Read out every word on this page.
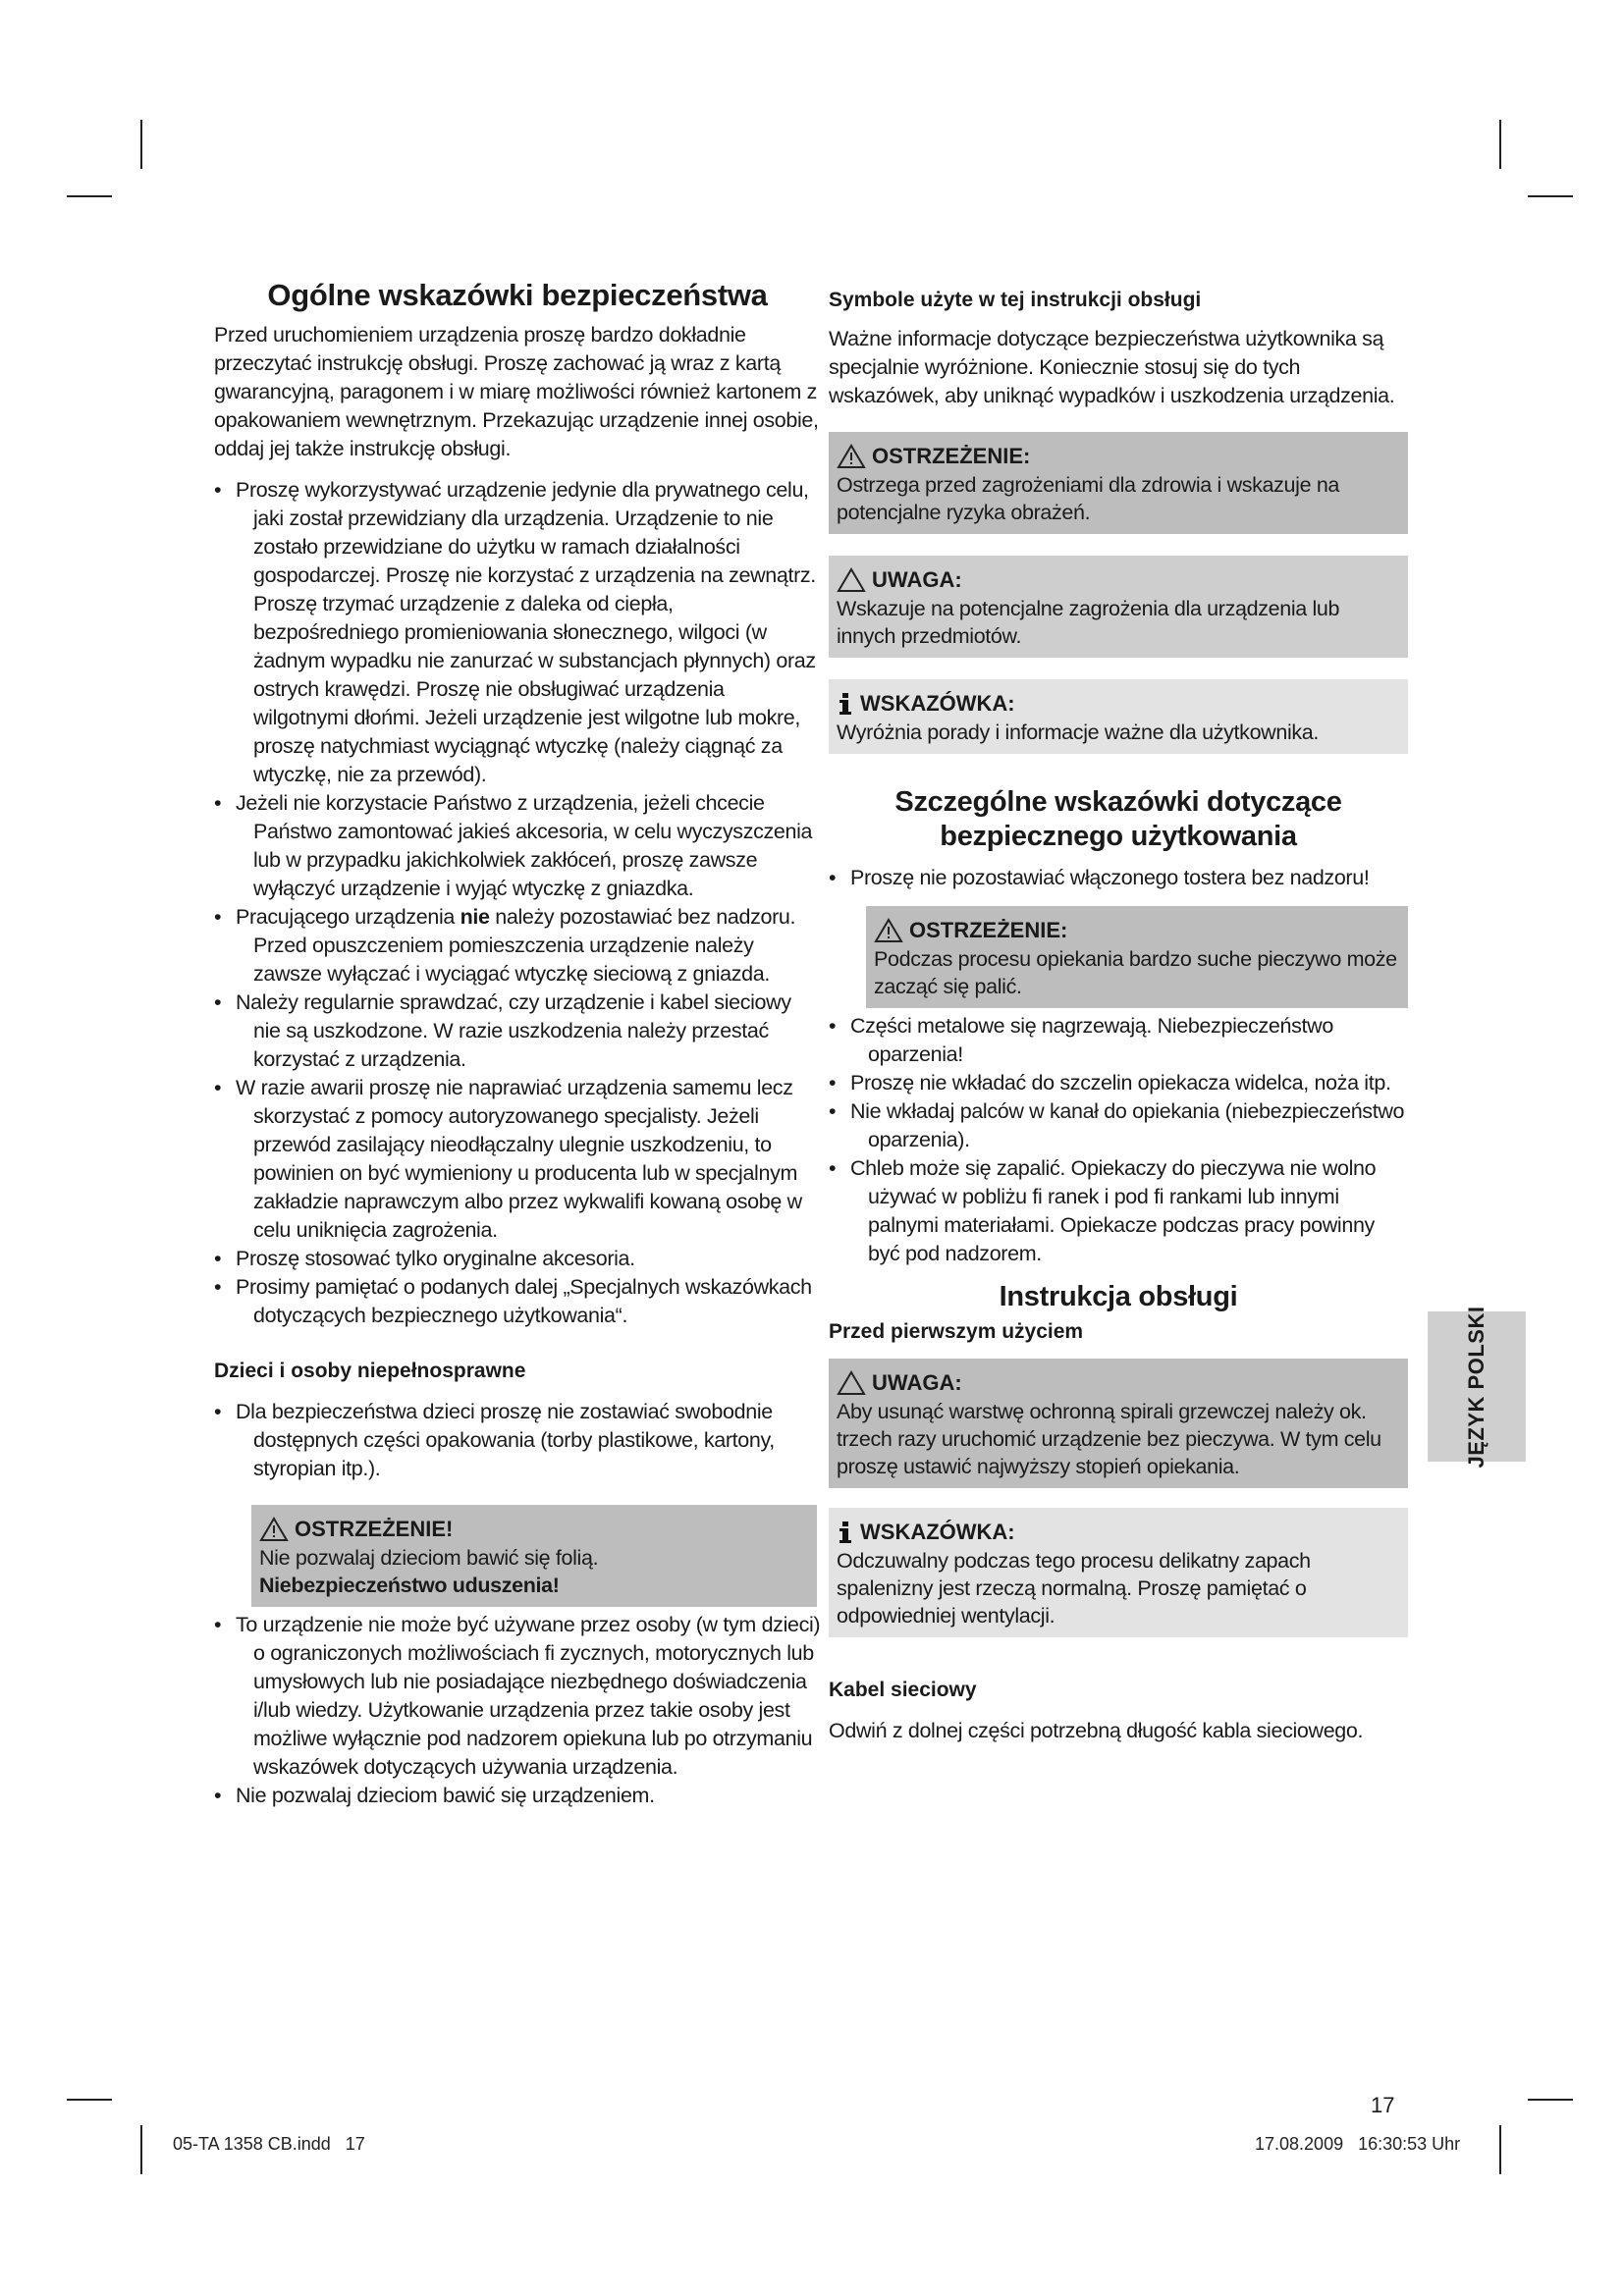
Ogólne wskazówki bezpieczeństwa

Przed uruchomieniem urządzenia proszę bardzo dokładnie przeczytać instrukcję obsługi. Proszę zachować ją wraz z kartą gwarancyjną, paragonem i w miarę możliwości również kartonem z opakowaniem wewnętrznym. Przekazując urządzenie innej osobie, oddaj jej także instrukcję obsługi.

• Proszę wykorzystywać urządzenie jedynie dla prywatnego celu, jaki został przewidziany dla urządzenia. Urządzenie to nie zostało przewidziane do użytku w ramach działalności gospodarczej. Proszę nie korzystać z urządzenia na zewnątrz. Proszę trzymać urządzenie z daleka od ciepła, bezpośredniego promieniowania słonecznego, wilgoci (w żadnym wypadku nie zanurzać w substancjach płynnych) oraz ostrych krawędzi. Proszę nie obsługiwać urządzenia wilgotnymi dłońmi. Jeżeli urządzenie jest wilgotne lub mokre, proszę natychmiast wyciągnąć wtyczkę (należy ciągnąć za wtyczkę, nie za przewód).
• Jeżeli nie korzystacie Państwo z urządzenia, jeżeli chcecie Państwo zamontować jakieś akcesoria, w celu wyczyszczenia lub w przypadku jakichkolwiek zakłóceń, proszę zawsze wyłączyć urządzenie i wyjąć wtyczkę z gniazdka.
• Pracującego urządzenia nie należy pozostawiać bez nadzoru. Przed opuszczeniem pomieszczenia urządzenie należy zawsze wyłączać i wyciągać wtyczkę sieciową z gniazda.
• Należy regularnie sprawdzać, czy urządzenie i kabel sieciowy nie są uszkodzone. W razie uszkodzenia należy przestać korzystać z urządzenia.
• W razie awarii proszę nie naprawiać urządzenia samemu lecz skorzystać z pomocy autoryzowanego specjalisty. Jeżeli przewód zasilający nieodłączalny ulegnie uszkodzeniu, to powinien on być wymieniony u producenta lub w specjalnym zakładzie naprawczym albo przez wykwalifi kowaną osobę w celu uniknięcia zagrożenia.
• Proszę stosować tylko oryginalne akcesoria.
• Prosimy pamiętać o podanych dalej „Specjalnych wskazówkach dotyczących bezpiecznego użytkowania“.
Dzieci i osoby niepełnosprawne
• Dla bezpieczeństwa dzieci proszę nie zostawiać swobodnie dostępnych części opakowania (torby plastikowe, kartony, styropian itp.).
OSTRZEŻENIE!

Nie pozwalaj dzieciom bawić się folią.

Niebezpieczeństwo uduszenia!

• To urządzenie nie może być używane przez osoby (w tym dzieci) o ograniczonych możliwościach fi zycznych, motorycznych lub umysłowych lub nie posiadające niezbędnego doświadczenia i/lub wiedzy. Użytkowanie urządzenia przez takie osoby jest możliwe wyłącznie pod nadzorem opiekuna lub po otrzymaniu wskazówek dotyczących używania urządzenia.
• Nie pozwalaj dzieciom bawić się urządzeniem.
Symbole użyte w tej instrukcji obsługi

Ważne informacje dotyczące bezpieczeństwa użytkownika są specjalnie wyróżnione. Koniecznie stosuj się do tych wskazówek, aby uniknąć wypadków i uszkodzenia urządzenia.

OSTRZEŻENIE:

Ostrzega przed zagrożeniami dla zdrowia i wskazuje na potencjalne ryzyka obrażeń.

UWAGA:

Wskazuje na potencjalne zagrożenia dla urządzenia lub innych przedmiotów.

WSKAZÓWKA:

Wyróżnia porady i informacje ważne dla użytkownika.

Szczególne wskazówki dotyczące
bezpiecznego użytkowania
• Proszę nie pozostawiać włączonego tostera bez nadzoru!
OSTRZEŻENIE:

Podczas procesu opiekania bardzo suche pieczywo może zacząć się palić.

• Części metalowe się nagrzewają. Niebezpieczeństwo oparzenia!
• Proszę nie wkładać do szczelin opiekacza widelca, noża itp.
• Nie wkładaj palców w kanał do opiekania (niebezpieczeństwo oparzenia).
• Chleb może się zapalić. Opiekaczy do pieczywa nie wolno używać w pobliżu fi ranek i pod fi rankami lub innymi palnymi materiałami. Opiekacze podczas pracy powinny być pod nadzorem.
Instrukcja obsługi
Przed pierwszym użyciem
UWAGA:

Aby usunąć warstwę ochronną spirali grzewczej należy ok. trzech razy uruchomić urządzenie bez pieczywa. W tym celu proszę ustawić najwyższy stopień opiekania.

WSKAZÓWKA:

Odczuwalny podczas tego procesu delikatny zapach spalenizny jest rzeczą normalną. Proszę pamiętać o odpowiedniej wentylacji.

Kabel sieciowy

Odwiń z dolnej części potrzebną długość kabla sieciowego.

JĘZYK POLSKI
17
05-TA 1358 CB.indd   17	17.08.2009   16:30:53 Uhr
